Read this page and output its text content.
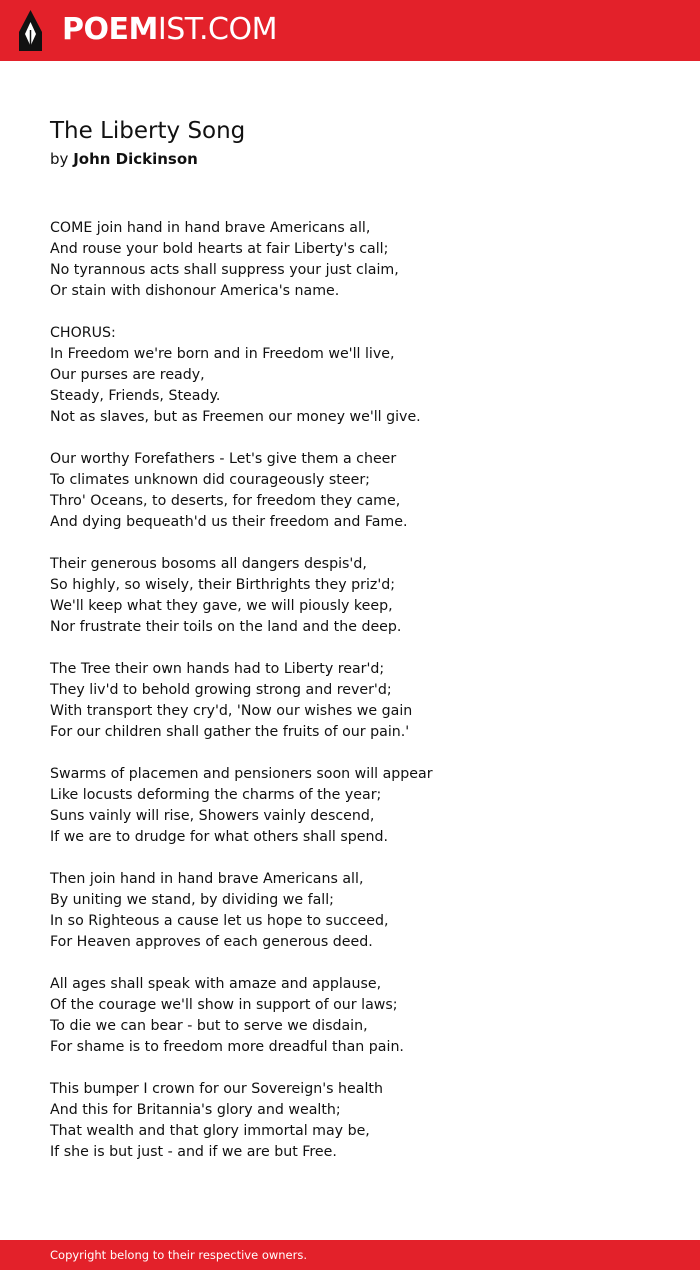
POEMIST.COM
The Liberty Song
by John Dickinson
COME join hand in hand brave Americans all,
And rouse your bold hearts at fair Liberty's call;
No tyrannous acts shall suppress your just claim,
Or stain with dishonour America's name.
CHORUS:
In Freedom we're born and in Freedom we'll live,
Our purses are ready,
Steady, Friends, Steady.
Not as slaves, but as Freemen our money we'll give.
Our worthy Forefathers - Let's give them a cheer
To climates unknown did courageously steer;
Thro' Oceans, to deserts, for freedom they came,
And dying bequeath'd us their freedom and Fame.
Their generous bosoms all dangers despis'd,
So highly, so wisely, their Birthrights they priz'd;
We'll keep what they gave, we will piously keep,
Nor frustrate their toils on the land and the deep.
The Tree their own hands had to Liberty rear'd;
They liv'd to behold growing strong and rever'd;
With transport they cry'd, 'Now our wishes we gain
For our children shall gather the fruits of our pain.'
Swarms of placemen and pensioners soon will appear
Like locusts deforming the charms of the year;
Suns vainly will rise, Showers vainly descend,
If we are to drudge for what others shall spend.
Then join hand in hand brave Americans all,
By uniting we stand, by dividing we fall;
In so Righteous a cause let us hope to succeed,
For Heaven approves of each generous deed.
All ages shall speak with amaze and applause,
Of the courage we'll show in support of our laws;
To die we can bear - but to serve we disdain,
For shame is to freedom more dreadful than pain.
This bumper I crown for our Sovereign's health
And this for Britannia's glory and wealth;
That wealth and that glory immortal may be,
If she is but just - and if we are but Free.
Copyright belong to their respective owners.
